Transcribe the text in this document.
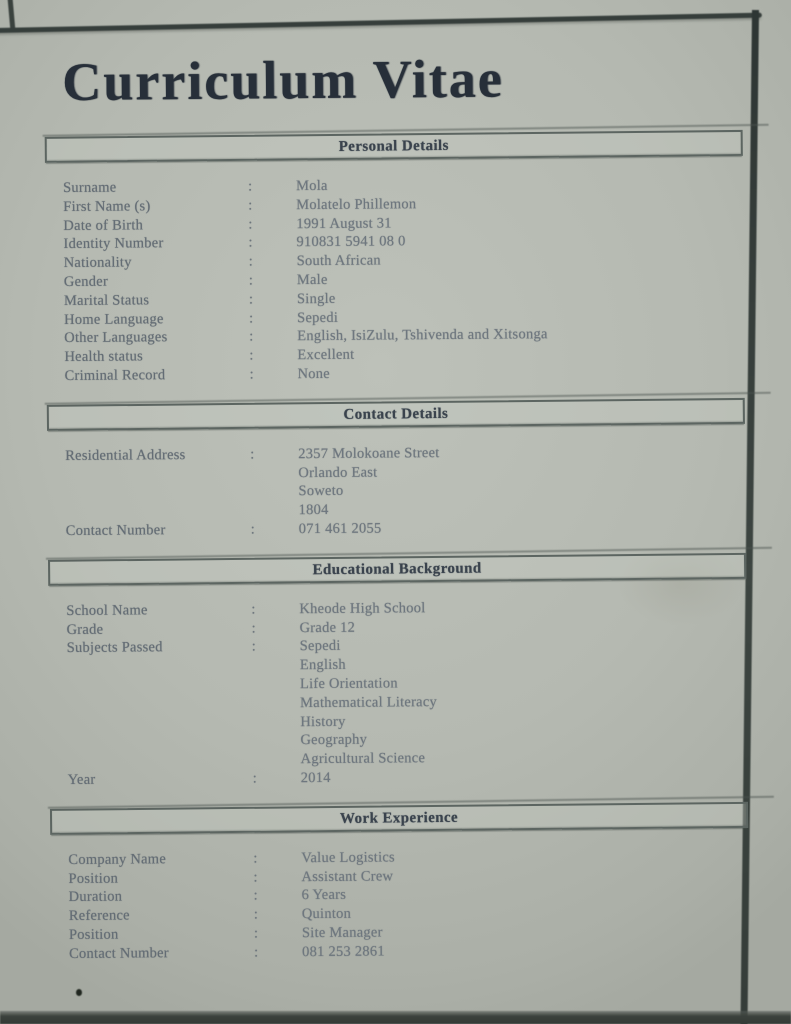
Curriculum Vitae
Personal Details
Surname	:	Mola
First Name (s)	:	Molatelo Phillemon
Date of Birth	:	1991 August 31
Identity Number	:	910831 5941 08 0
Nationality	:	South African
Gender	:	Male
Marital Status	:	Single
Home Language	:	Sepedi
Other Languages	:	English, IsiZulu, Tshivenda and Xitsonga
Health status	:	Excellent
Criminal Record	:	None
Contact Details
Residential Address	:	2357 Molokoane Street
Orlando East
Soweto
1804
Contact Number	:	071 461 2055
Educational Background
School Name	:	Kheode High School
Grade	:	Grade 12
Subjects Passed	:	Sepedi
English
Life Orientation
Mathematical Literacy
History
Geography
Agricultural Science
Year	:	2014
Work Experience
Company Name	:	Value Logistics
Position	:	Assistant Crew
Duration	:	6 Years
Reference	:	Quinton
Position	:	Site Manager
Contact Number	:	081 253 2861
